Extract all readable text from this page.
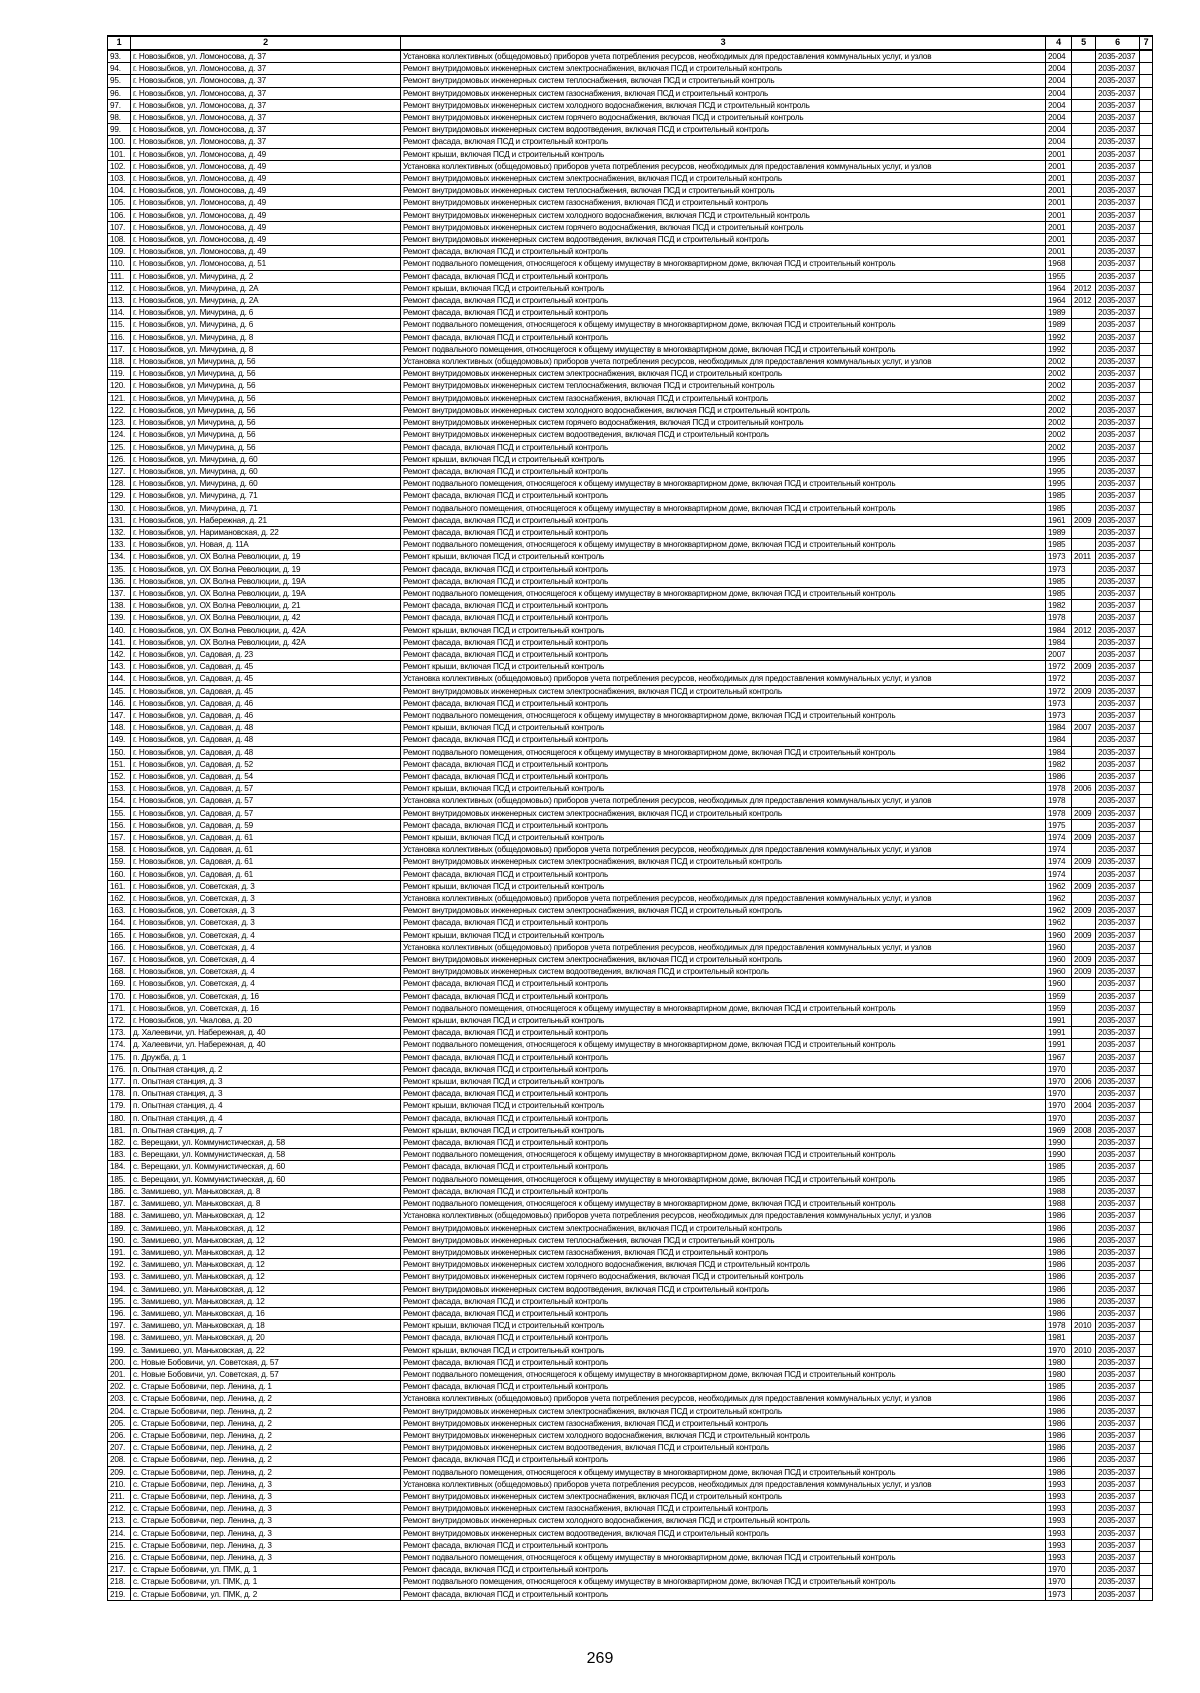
1	2	3	4	5	6	7
93.	г. Новозыбков, ул. Ломоносова, д. 37	Установка коллективных (общедомовых) приборов учета потребления ресурсов, необходимых для предоставления коммунальных услуг, и узлов	2004		2035-2037	
94.	г. Новозыбков, ул. Ломоносова, д. 37	Ремонт внутридомовых инженерных систем электроснабжения, включая ПСД и строительный контроль	2004		2035-2037	
95.	г. Новозыбков, ул. Ломоносова, д. 37	Ремонт внутридомовых инженерных систем теплоснабжения, включая ПСД и строительный контроль	2004		2035-2037	
96.	г. Новозыбков, ул. Ломоносова, д. 37	Ремонт внутридомовых инженерных систем газоснабжения, включая ПСД и строительный контроль	2004		2035-2037	
97.	г. Новозыбков, ул. Ломоносова, д. 37	Ремонт внутридомовых инженерных систем холодного водоснабжения, включая ПСД и строительный контроль	2004		2035-2037	
98.	г. Новозыбков, ул. Ломоносова, д. 37	Ремонт внутридомовых инженерных систем горячего водоснабжения, включая ПСД и строительный контроль	2004		2035-2037	
99.	г. Новозыбков, ул. Ломоносова, д. 37	Ремонт внутридомовых инженерных систем водоотведения, включая ПСД и строительный контроль	2004		2035-2037	
100.	г. Новозыбков, ул. Ломоносова, д. 37	Ремонт фасада, включая ПСД и строительный контроль	2004		2035-2037	
101.	г. Новозыбков, ул. Ломоносова, д. 49	Ремонт крыши, включая ПСД и строительный контроль	2001		2035-2037	
102.	г. Новозыбков, ул. Ломоносова, д. 49	Установка коллективных (общедомовых) приборов учета потребления ресурсов, необходимых для предоставления коммунальных услуг, и узлов	2001		2035-2037	
103.	г. Новозыбков, ул. Ломоносова, д. 49	Ремонт внутридомовых инженерных систем электроснабжения, включая ПСД и строительный контроль	2001		2035-2037	
104.	г. Новозыбков, ул. Ломоносова, д. 49	Ремонт внутридомовых инженерных систем теплоснабжения, включая ПСД и строительный контроль	2001		2035-2037	
105.	г. Новозыбков, ул. Ломоносова, д. 49	Ремонт внутридомовых инженерных систем газоснабжения, включая ПСД и строительный контроль	2001		2035-2037	
106.	г. Новозыбков, ул. Ломоносова, д. 49	Ремонт внутридомовых инженерных систем холодного водоснабжения, включая ПСД и строительный контроль	2001		2035-2037	
107.	г. Новозыбков, ул. Ломоносова, д. 49	Ремонт внутридомовых инженерных систем горячего водоснабжения, включая ПСД и строительный контроль	2001		2035-2037	
108.	г. Новозыбков, ул. Ломоносова, д. 49	Ремонт внутридомовых инженерных систем водоотведения, включая ПСД и строительный контроль	2001		2035-2037	
109.	г. Новозыбков, ул. Ломоносова, д. 49	Ремонт фасада, включая ПСД и строительный контроль	2001		2035-2037	
110.	г. Новозыбков, ул. Ломоносова, д. 51	Ремонт подвального помещения, относящегося к общему имуществу в многоквартирном доме, включая ПСД и строительный контроль	1968		2035-2037	
111.	г. Новозыбков, ул. Мичурина, д. 2	Ремонт фасада, включая ПСД и строительный контроль	1955		2035-2037	
112.	г. Новозыбков, ул. Мичурина, д. 2А	Ремонт крыши, включая ПСД и строительный контроль	1964	2012	2035-2037	
113.	г. Новозыбков, ул. Мичурина, д. 2А	Ремонт фасада, включая ПСД и строительный контроль	1964	2012	2035-2037	
114.	г. Новозыбков, ул. Мичурина, д. 6	Ремонт фасада, включая ПСД и строительный контроль	1989		2035-2037	
115.	г. Новозыбков, ул. Мичурина, д. 6	Ремонт подвального помещения, относящегося к общему имуществу в многоквартирном доме, включая ПСД и строительный контроль	1989		2035-2037	
116.	г. Новозыбков, ул. Мичурина, д. 8	Ремонт фасада, включая ПСД и строительный контроль	1992		2035-2037	
117.	г. Новозыбков, ул. Мичурина, д. 8	Ремонт подвального помещения, относящегося к общему имуществу в многоквартирном доме, включая ПСД и строительный контроль	1992		2035-2037	
118.	г. Новозыбков, ул Мичурина, д. 56	Установка коллективных (общедомовых) приборов учета потребления ресурсов, необходимых для предоставления коммунальных услуг, и узлов	2002		2035-2037	
119.	г. Новозыбков, ул Мичурина, д. 56	Ремонт внутридомовых инженерных систем электроснабжения, включая ПСД и строительный контроль	2002		2035-2037	
120.	г. Новозыбков, ул Мичурина, д. 56	Ремонт внутридомовых инженерных систем теплоснабжения, включая ПСД и строительный контроль	2002		2035-2037	
121.	г. Новозыбков, ул Мичурина, д. 56	Ремонт внутридомовых инженерных систем газоснабжения, включая ПСД и строительный контроль	2002		2035-2037	
122.	г. Новозыбков, ул Мичурина, д. 56	Ремонт внутридомовых инженерных систем холодного водоснабжения, включая ПСД и строительный контроль	2002		2035-2037	
123.	г. Новозыбков, ул Мичурина, д. 56	Ремонт внутридомовых инженерных систем горячего водоснабжения, включая ПСД и строительный контроль	2002		2035-2037	
124.	г. Новозыбков, ул Мичурина, д. 56	Ремонт внутридомовых инженерных систем водоотведения, включая ПСД и строительный контроль	2002		2035-2037	
125.	г. Новозыбков, ул Мичурина, д. 56	Ремонт фасада, включая ПСД и строительный контроль	2002		2035-2037	
126.	г. Новозыбков, ул. Мичурина, д. 60	Ремонт крыши, включая ПСД и строительный контроль	1995		2035-2037	
127.	г. Новозыбков, ул. Мичурина, д. 60	Ремонт фасада, включая ПСД и строительный контроль	1995		2035-2037	
128.	г. Новозыбков, ул. Мичурина, д. 60	Ремонт подвального помещения, относящегося к общему имуществу в многоквартирном доме, включая ПСД и строительный контроль	1995		2035-2037	
129.	г. Новозыбков, ул. Мичурина, д. 71	Ремонт фасада, включая ПСД и строительный контроль	1985		2035-2037	
130.	г. Новозыбков, ул. Мичурина, д. 71	Ремонт подвального помещения, относящегося к общему имуществу в многоквартирном доме, включая ПСД и строительный контроль	1985		2035-2037	
131.	г. Новозыбков, ул. Набережная, д. 21	Ремонт фасада, включая ПСД и строительный контроль	1961	2009	2035-2037	
132.	г. Новозыбков, ул. Наримановская, д. 22	Ремонт фасада, включая ПСД и строительный контроль	1989		2035-2037	
133.	г. Новозыбков, ул. Новая, д. 11А	Ремонт подвального помещения, относящегося к общему имуществу в многоквартирном доме, включая ПСД и строительный контроль	1985		2035-2037	
134.	г. Новозыбков, ул. ОХ Волна Революции, д. 19	Ремонт крыши, включая ПСД и строительный контроль	1973	2011	2035-2037	
135.	г. Новозыбков, ул. ОХ Волна Революции, д. 19	Ремонт фасада, включая ПСД и строительный контроль	1973		2035-2037	
136.	г. Новозыбков, ул. ОХ Волна Революции, д. 19А	Ремонт фасада, включая ПСД и строительный контроль	1985		2035-2037	
137.	г. Новозыбков, ул. ОХ Волна Революции, д. 19А	Ремонт подвального помещения, относящегося к общему имуществу в многоквартирном доме, включая ПСД и строительный контроль	1985		2035-2037	
138.	г. Новозыбков, ул. ОХ Волна Революции, д. 21	Ремонт фасада, включая ПСД и строительный контроль	1982		2035-2037	
139.	г. Новозыбков, ул. ОХ Волна Революции, д. 42	Ремонт фасада, включая ПСД и строительный контроль	1978		2035-2037	
140.	г. Новозыбков, ул. ОХ Волна Революции, д. 42А	Ремонт крыши, включая ПСД и строительный контроль	1984	2012	2035-2037	
141.	г. Новозыбков, ул. ОХ Волна Революции, д. 42А	Ремонт фасада, включая ПСД и строительный контроль	1984		2035-2037	
142.	г. Новозыбков, ул. Садовая, д. 23	Ремонт фасада, включая ПСД и строительный контроль	2007		2035-2037	
143.	г. Новозыбков, ул. Садовая, д. 45	Ремонт крыши, включая ПСД и строительный контроль	1972	2009	2035-2037	
144.	г. Новозыбков, ул. Садовая, д. 45	Установка коллективных (общедомовых) приборов учета потребления ресурсов, необходимых для предоставления коммунальных услуг, и узлов	1972		2035-2037	
145.	г. Новозыбков, ул. Садовая, д. 45	Ремонт внутридомовых инженерных систем электроснабжения, включая ПСД и строительный контроль	1972	2009	2035-2037	
146.	г. Новозыбков, ул. Садовая, д. 46	Ремонт фасада, включая ПСД и строительный контроль	1973		2035-2037	
147.	г. Новозыбков, ул. Садовая, д. 46	Ремонт подвального помещения, относящегося к общему имуществу в многоквартирном доме, включая ПСД и строительный контроль	1973		2035-2037	
148.	г. Новозыбков, ул. Садовая, д. 48	Ремонт крыши, включая ПСД и строительный контроль	1984	2007	2035-2037	
149.	г. Новозыбков, ул. Садовая, д. 48	Ремонт фасада, включая ПСД и строительный контроль	1984		2035-2037	
150.	г. Новозыбков, ул. Садовая, д. 48	Ремонт подвального помещения, относящегося к общему имуществу в многоквартирном доме, включая ПСД и строительный контроль	1984		2035-2037	
151.	г. Новозыбков, ул. Садовая, д. 52	Ремонт фасада, включая ПСД и строительный контроль	1982		2035-2037	
152.	г. Новозыбков, ул. Садовая, д. 54	Ремонт фасада, включая ПСД и строительный контроль	1986		2035-2037	
153.	г. Новозыбков, ул. Садовая, д. 57	Ремонт крыши, включая ПСД и строительный контроль	1978	2006	2035-2037	
154.	г. Новозыбков, ул. Садовая, д. 57	Установка коллективных (общедомовых) приборов учета потребления ресурсов, необходимых для предоставления коммунальных услуг, и узлов	1978		2035-2037	
155.	г. Новозыбков, ул. Садовая, д. 57	Ремонт внутридомовых инженерных систем электроснабжения, включая ПСД и строительный контроль	1978	2009	2035-2037	
156.	г. Новозыбков, ул. Садовая, д. 59	Ремонт фасада, включая ПСД и строительный контроль	1975		2035-2037	
157.	г. Новозыбков, ул. Садовая, д. 61	Ремонт крыши, включая ПСД и строительный контроль	1974	2009	2035-2037	
158.	г. Новозыбков, ул. Садовая, д. 61	Установка коллективных (общедомовых) приборов учета потребления ресурсов, необходимых для предоставления коммунальных услуг, и узлов	1974		2035-2037	
159.	г. Новозыбков, ул. Садовая, д. 61	Ремонт внутридомовых инженерных систем электроснабжения, включая ПСД и строительный контроль	1974	2009	2035-2037	
160.	г. Новозыбков, ул. Садовая, д. 61	Ремонт фасада, включая ПСД и строительный контроль	1974		2035-2037	
161.	г. Новозыбков, ул. Советская, д. 3	Ремонт крыши, включая ПСД и строительный контроль	1962	2009	2035-2037	
162.	г. Новозыбков, ул. Советская, д. 3	Установка коллективных (общедомовых) приборов учета потребления ресурсов, необходимых для предоставления коммунальных услуг, и узлов	1962		2035-2037	
163.	г. Новозыбков, ул. Советская, д. 3	Ремонт внутридомовых инженерных систем электроснабжения, включая ПСД и строительный контроль	1962	2009	2035-2037	
164.	г. Новозыбков, ул. Советская, д. 3	Ремонт фасада, включая ПСД и строительный контроль	1962		2035-2037	
165.	г. Новозыбков, ул. Советская, д. 4	Ремонт крыши, включая ПСД и строительный контроль	1960	2009	2035-2037	
166.	г. Новозыбков, ул. Советская, д. 4	Установка коллективных (общедомовых) приборов учета потребления ресурсов, необходимых для предоставления коммунальных услуг, и узлов	1960		2035-2037	
167.	г. Новозыбков, ул. Советская, д. 4	Ремонт внутридомовых инженерных систем электроснабжения, включая ПСД и строительный контроль	1960	2009	2035-2037	
168.	г. Новозыбков, ул. Советская, д. 4	Ремонт внутридомовых инженерных систем водоотведения, включая ПСД и строительный контроль	1960	2009	2035-2037	
169.	г. Новозыбков, ул. Советская, д. 4	Ремонт фасада, включая ПСД и строительный контроль	1960		2035-2037	
170.	г. Новозыбков, ул. Советская, д. 16	Ремонт фасада, включая ПСД и строительный контроль	1959		2035-2037	
171.	г. Новозыбков, ул. Советская, д. 16	Ремонт подвального помещения, относящегося к общему имуществу в многоквартирном доме, включая ПСД и строительный контроль	1959		2035-2037	
172.	г. Новозыбков, ул. Чкалова, д. 20	Ремонт крыши, включая ПСД и строительный контроль	1991		2035-2037	
173.	д. Халеевичи, ул. Набережная, д. 40	Ремонт фасада, включая ПСД и строительный контроль	1991		2035-2037	
174.	д. Халеевичи, ул. Набережная, д. 40	Ремонт подвального помещения, относящегося к общему имуществу в многоквартирном доме, включая ПСД и строительный контроль	1991		2035-2037	
175.	п. Дружба, д. 1	Ремонт фасада, включая ПСД и строительный контроль	1967		2035-2037	
176.	п. Опытная станция, д. 2	Ремонт фасада, включая ПСД и строительный контроль	1970		2035-2037	
177.	п. Опытная станция, д. 3	Ремонт крыши, включая ПСД и строительный контроль	1970	2006	2035-2037	
178.	п. Опытная станция, д. 3	Ремонт фасада, включая ПСД и строительный контроль	1970		2035-2037	
179.	п. Опытная станция, д. 4	Ремонт крыши, включая ПСД и строительный контроль	1970	2004	2035-2037	
180.	п. Опытная станция, д. 4	Ремонт фасада, включая ПСД и строительный контроль	1970		2035-2037	
181.	п. Опытная станция, д. 7	Ремонт крыши, включая ПСД и строительный контроль	1969	2008	2035-2037	
182.	с. Верещаки, ул. Коммунистическая, д. 58	Ремонт фасада, включая ПСД и строительный контроль	1990		2035-2037	
183.	с. Верещаки, ул. Коммунистическая, д. 58	Ремонт подвального помещения, относящегося к общему имуществу в многоквартирном доме, включая ПСД и строительный контроль	1990		2035-2037	
184.	с. Верещаки, ул. Коммунистическая, д. 60	Ремонт фасада, включая ПСД и строительный контроль	1985		2035-2037	
185.	с. Верещаки, ул. Коммунистическая, д. 60	Ремонт подвального помещения, относящегося к общему имуществу в многоквартирном доме, включая ПСД и строительный контроль	1985		2035-2037	
186.	с. Замишево, ул. Маньковская, д. 8	Ремонт фасада, включая ПСД и строительный контроль	1988		2035-2037	
187.	с. Замишево, ул. Маньковская, д. 8	Ремонт подвального помещения, относящегося к общему имуществу в многоквартирном доме, включая ПСД и строительный контроль	1988		2035-2037	
188.	с. Замишево, ул. Маньковская, д. 12	Установка коллективных (общедомовых) приборов учета потребления ресурсов, необходимых для предоставления коммунальных услуг, и узлов	1986		2035-2037	
189.	с. Замишево, ул. Маньковская, д. 12	Ремонт внутридомовых инженерных систем электроснабжения, включая ПСД и строительный контроль	1986		2035-2037	
190.	с. Замишево, ул. Маньковская, д. 12	Ремонт внутридомовых инженерных систем теплоснабжения, включая ПСД и строительный контроль	1986		2035-2037	
191.	с. Замишево, ул. Маньковская, д. 12	Ремонт внутридомовых инженерных систем газоснабжения, включая ПСД и строительный контроль	1986		2035-2037	
192.	с. Замишево, ул. Маньковская, д. 12	Ремонт внутридомовых инженерных систем холодного водоснабжения, включая ПСД и строительный контроль	1986		2035-2037	
193.	с. Замишево, ул. Маньковская, д. 12	Ремонт внутридомовых инженерных систем горячего водоснабжения, включая ПСД и строительный контроль	1986		2035-2037	
194.	с. Замишево, ул. Маньковская, д. 12	Ремонт внутридомовых инженерных систем водоотведения, включая ПСД и строительный контроль	1986		2035-2037	
195.	с. Замишево, ул. Маньковская, д. 12	Ремонт фасада, включая ПСД и строительный контроль	1986		2035-2037	
196.	с. Замишево, ул. Маньковская, д. 16	Ремонт фасада, включая ПСД и строительный контроль	1986		2035-2037	
197.	с. Замишево, ул. Маньковская, д. 18	Ремонт крыши, включая ПСД и строительный контроль	1978	2010	2035-2037	
198.	с. Замишево, ул. Маньковская, д. 20	Ремонт фасада, включая ПСД и строительный контроль	1981		2035-2037	
199.	с. Замишево, ул. Маньковская, д. 22	Ремонт крыши, включая ПСД и строительный контроль	1970	2010	2035-2037	
200.	с. Новые Бобовичи, ул. Советская, д. 57	Ремонт фасада, включая ПСД и строительный контроль	1980		2035-2037	
201.	с. Новые Бобовичи, ул. Советская, д. 57	Ремонт подвального помещения, относящегося к общему имуществу в многоквартирном доме, включая ПСД и строительный контроль	1980		2035-2037	
202.	с. Старые Бобовичи, пер. Ленина, д. 1	Ремонт фасада, включая ПСД и строительный контроль	1985		2035-2037	
203.	с. Старые Бобовичи, пер. Ленина, д. 2	Установка коллективных (общедомовых) приборов учета потребления ресурсов, необходимых для предоставления коммунальных услуг, и узлов	1986		2035-2037	
204.	с. Старые Бобовичи, пер. Ленина, д. 2	Ремонт внутридомовых инженерных систем электроснабжения, включая ПСД и строительный контроль	1986		2035-2037	
205.	с. Старые Бобовичи, пер. Ленина, д. 2	Ремонт внутридомовых инженерных систем газоснабжения, включая ПСД и строительный контроль	1986		2035-2037	
206.	с. Старые Бобовичи, пер. Ленина, д. 2	Ремонт внутридомовых инженерных систем холодного водоснабжения, включая ПСД и строительный контроль	1986		2035-2037	
207.	с. Старые Бобовичи, пер. Ленина, д. 2	Ремонт внутридомовых инженерных систем водоотведения, включая ПСД и строительный контроль	1986		2035-2037	
208.	с. Старые Бобовичи, пер. Ленина, д. 2	Ремонт фасада, включая ПСД и строительный контроль	1986		2035-2037	
209.	с. Старые Бобовичи, пер. Ленина, д. 2	Ремонт подвального помещения, относящегося к общему имуществу в многоквартирном доме, включая ПСД и строительный контроль	1986		2035-2037	
210.	с. Старые Бобовичи, пер. Ленина, д. 3	Установка коллективных (общедомовых) приборов учета потребления ресурсов, необходимых для предоставления коммунальных услуг, и узлов	1993		2035-2037	
211.	с. Старые Бобовичи, пер. Ленина, д. 3	Ремонт внутридомовых инженерных систем электроснабжения, включая ПСД и строительный контроль	1993		2035-2037	
212.	с. Старые Бобовичи, пер. Ленина, д. 3	Ремонт внутридомовых инженерных систем газоснабжения, включая ПСД и строительный контроль	1993		2035-2037	
213.	с. Старые Бобовичи, пер. Ленина, д. 3	Ремонт внутридомовых инженерных систем холодного водоснабжения, включая ПСД и строительный контроль	1993		2035-2037	
214.	с. Старые Бобовичи, пер. Ленина, д. 3	Ремонт внутридомовых инженерных систем водоотведения, включая ПСД и строительный контроль	1993		2035-2037	
215.	с. Старые Бобовичи, пер. Ленина, д. 3	Ремонт фасада, включая ПСД и строительный контроль	1993		2035-2037	
216.	с. Старые Бобовичи, пер. Ленина, д. 3	Ремонт подвального помещения, относящегося к общему имуществу в многоквартирном доме, включая ПСД и строительный контроль	1993		2035-2037	
217.	с. Старые Бобовичи, ул. ПМК, д. 1	Ремонт фасада, включая ПСД и строительный контроль	1970		2035-2037	
218.	с. Старые Бобовичи, ул. ПМК, д. 1	Ремонт подвального помещения, относящегося к общему имуществу в многоквартирном доме, включая ПСД и строительный контроль	1970		2035-2037	
219.	с. Старые Бобовичи, ул. ПМК, д. 2	Ремонт фасада, включая ПСД и строительный контроль	1973		2035-2037	
269
